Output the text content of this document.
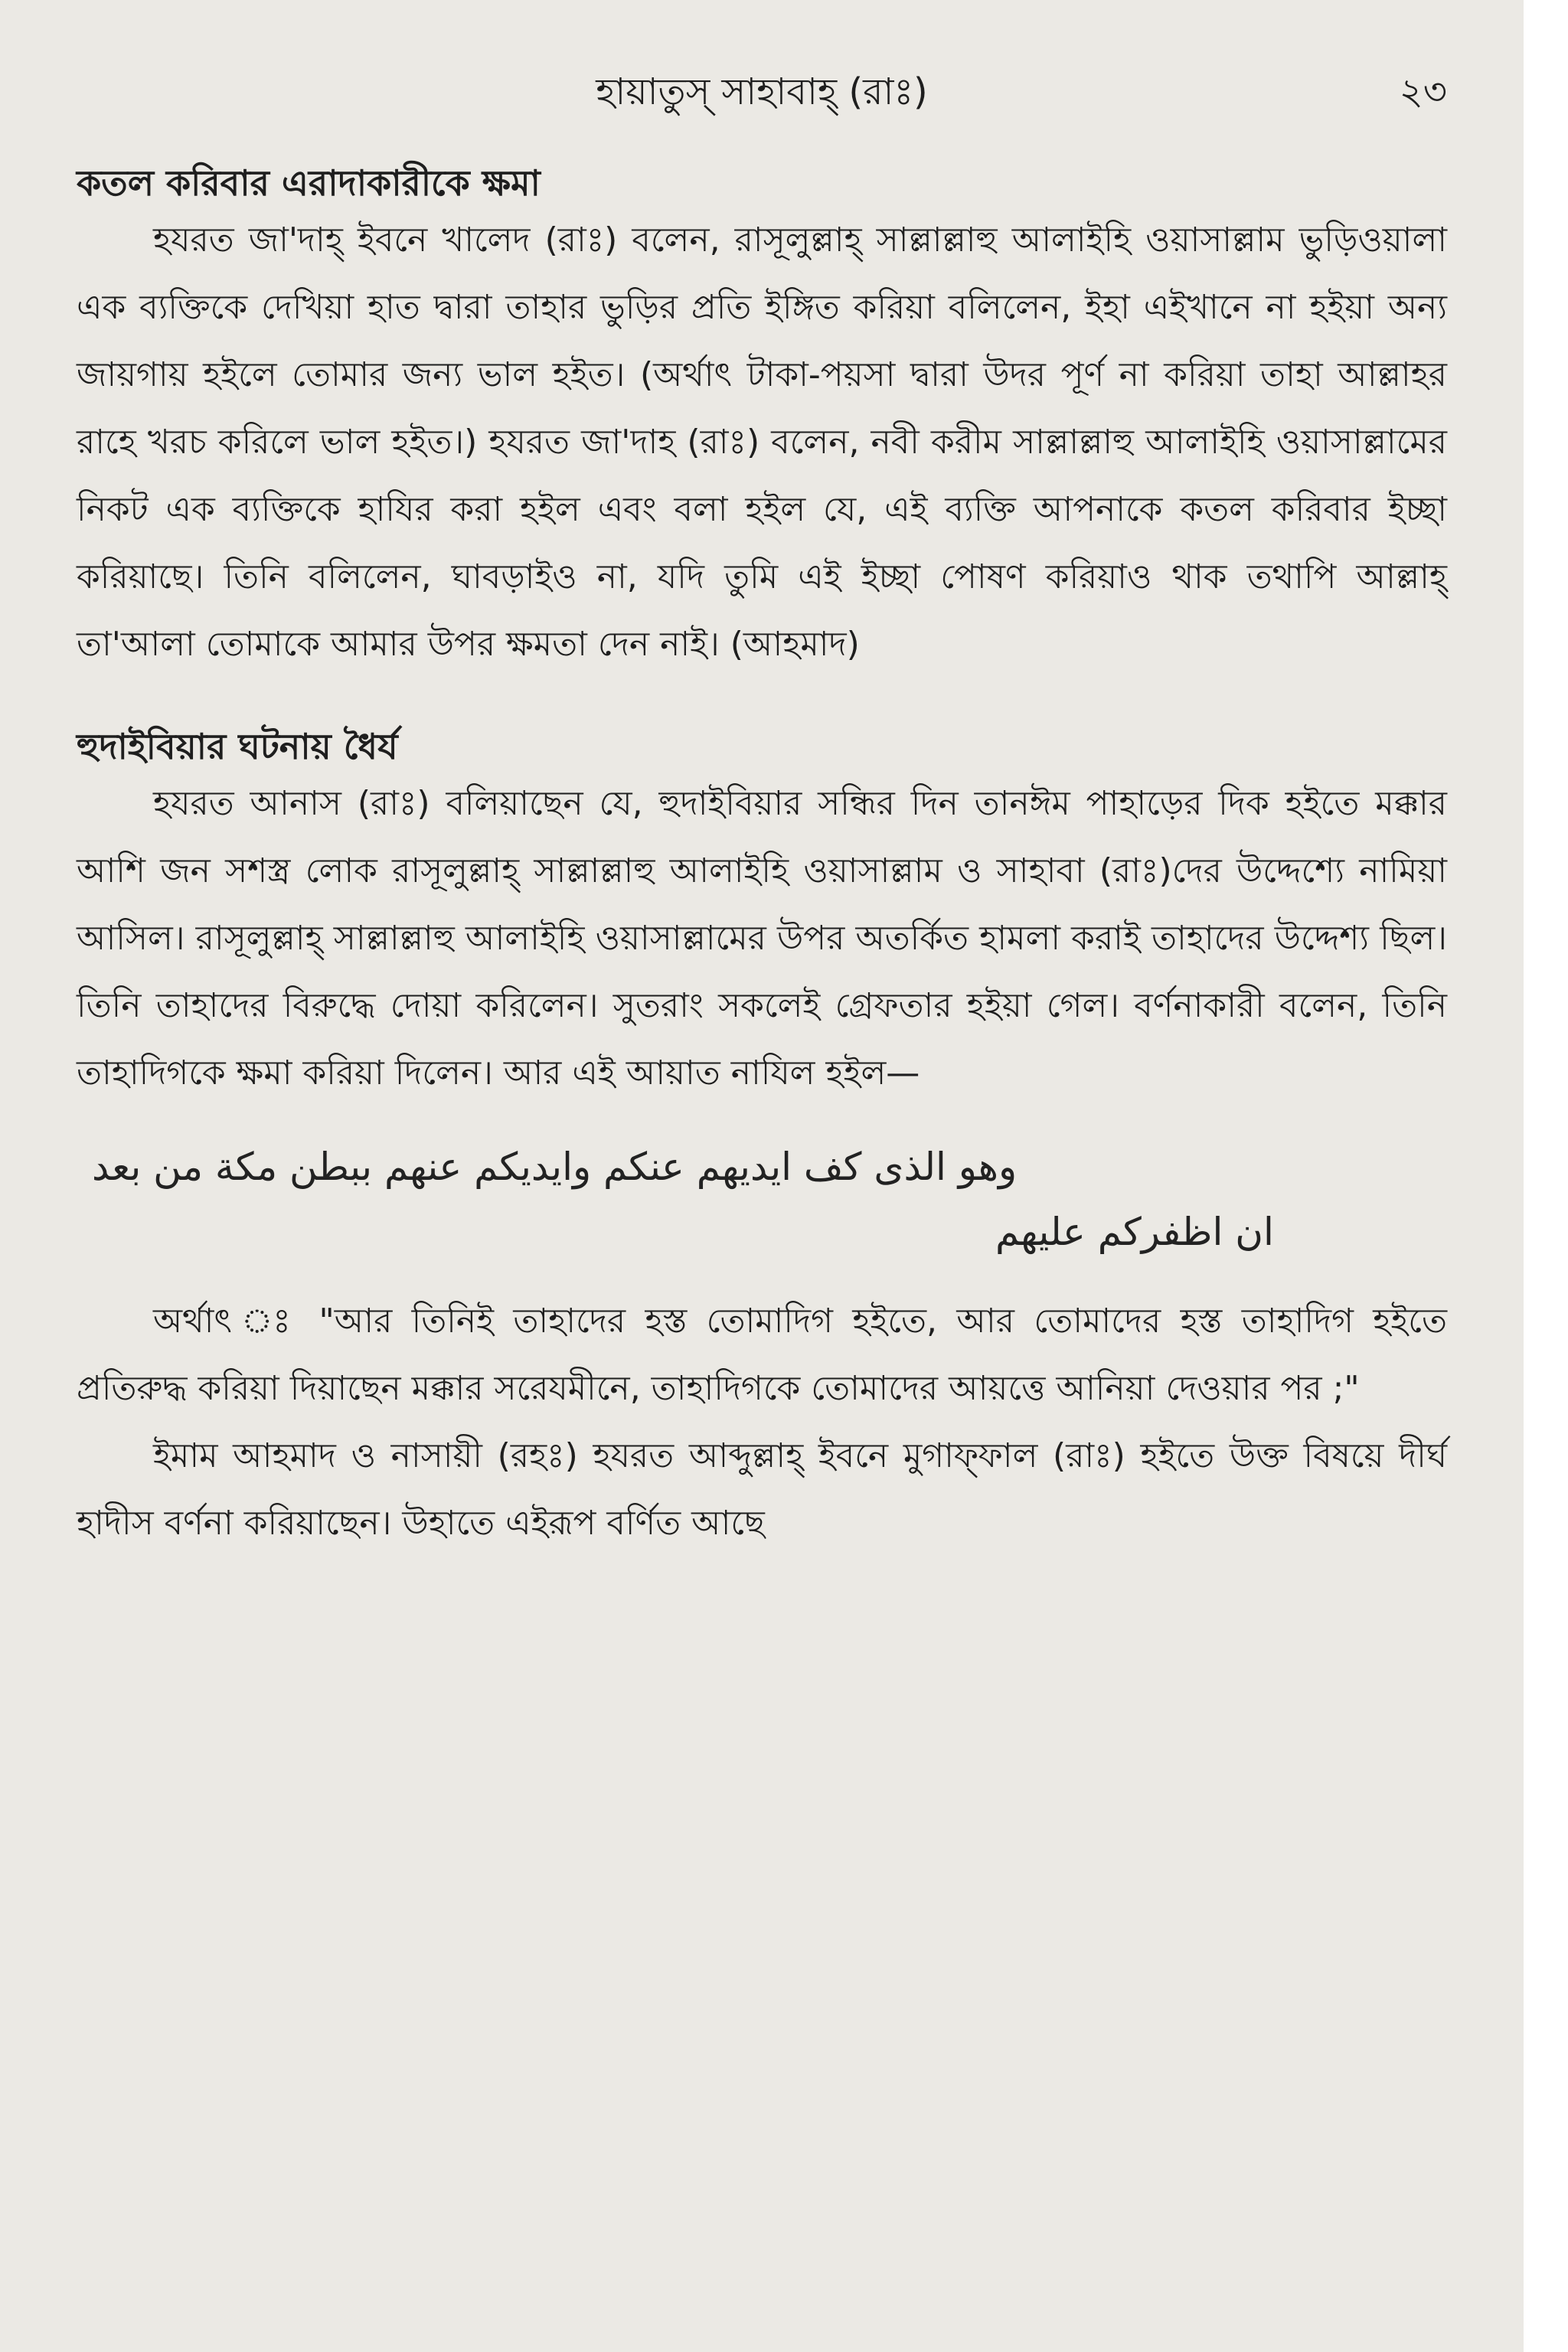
হায়াতুস্ সাহাবাহ্ (রাঃ)	২৩
কতল করিবার এরাদাকারীকে ক্ষমা

হযরত জা'দাহ্ ইবনে খালেদ (রাঃ) বলেন, রাসূলুল্লাহ্ সাল্লাল্লাহু আলাইহি ওয়াসাল্লাম ভুড়িওয়ালা এক ব্যক্তিকে দেখিয়া হাত দ্বারা তাহার ভুড়ির প্রতি ইঙ্গিত করিয়া বলিলেন, ইহা এইখানে না হইয়া অন্য জায়গায় হইলে তোমার জন্য ভাল হইত। (অর্থাৎ টাকা-পয়সা দ্বারা উদর পূর্ণ না করিয়া তাহা আল্লাহর রাহে খরচ করিলে ভাল হইত।) হযরত জা'দাহ (রাঃ) বলেন, নবী করীম সাল্লাল্লাহু আলাইহি ওয়াসাল্লামের নিকট এক ব্যক্তিকে হাযির করা হইল এবং বলা হইল যে, এই ব্যক্তি আপনাকে কতল করিবার ইচ্ছা করিয়াছে। তিনি বলিলেন, ঘাবড়াইও না, যদি তুমি এই ইচ্ছা পোষণ করিয়াও থাক তথাপি আল্লাহ্ তা'আলা তোমাকে আমার উপর ক্ষমতা দেন নাই। (আহমাদ)

হুদাইবিয়ার ঘটনায় ধৈর্য

হযরত আনাস (রাঃ) বলিয়াছেন যে, হুদাইবিয়ার সন্ধির দিন তানঈম পাহাড়ের দিক হইতে মক্কার আশি জন সশস্ত্র লোক রাসূলুল্লাহ্ সাল্লাল্লাহু আলাইহি ওয়াসাল্লাম ও সাহাবা (রাঃ)দের উদ্দেশ্যে নামিয়া আসিল। রাসূলুল্লাহ্ সাল্লাল্লাহু আলাইহি ওয়াসাল্লামের উপর অতর্কিত হামলা করাই তাহাদের উদ্দেশ্য ছিল। তিনি তাহাদের বিরুদ্ধে দোয়া করিলেন। সুতরাং সকলেই গ্রেফতার হইয়া গেল। বর্ণনাকারী বলেন, তিনি তাহাদিগকে ক্ষমা করিয়া দিলেন। আর এই আয়াত নাযিল হইল—

وهو الذى كف ايديهم عنكم وايديكم عنهم ببطن مكة من بعد

ان اظفركم عليهم

অর্থাৎ ঃ "আর তিনিই তাহাদের হস্ত তোমাদিগ হইতে, আর তোমাদের হস্ত তাহাদিগ হইতে প্রতিরুদ্ধ করিয়া দিয়াছেন মক্কার সরেযমীনে, তাহাদিগকে তোমাদের আয়ত্তে আনিয়া দেওয়ার পর ;"

ইমাম আহমাদ ও নাসায়ী (রহঃ) হযরত আব্দুল্লাহ্ ইবনে মুগাফ্ফাল (রাঃ) হইতে উক্ত বিষয়ে দীর্ঘ হাদীস বর্ণনা করিয়াছেন। উহাতে এইরূপ বর্ণিত আছে
